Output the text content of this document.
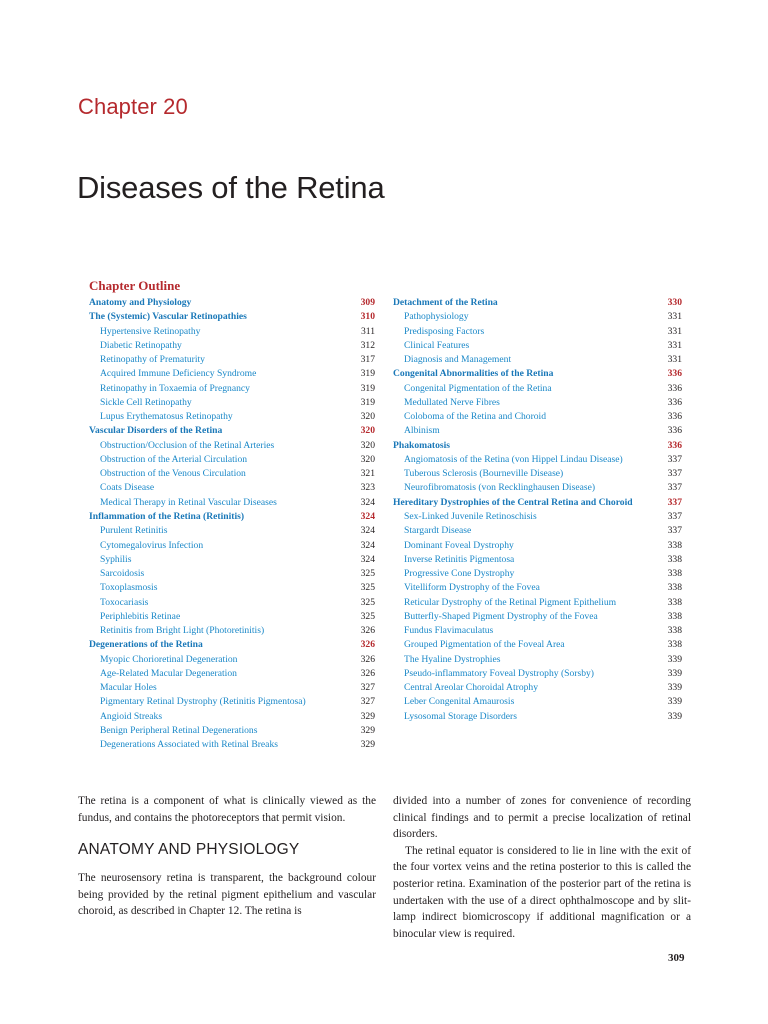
Chapter 20
Diseases of the Retina
Chapter Outline
Anatomy and Physiology	309
The (Systemic) Vascular Retinopathies	310
Hypertensive Retinopathy	311
Diabetic Retinopathy	312
Retinopathy of Prematurity	317
Acquired Immune Deficiency Syndrome	319
Retinopathy in Toxaemia of Pregnancy	319
Sickle Cell Retinopathy	319
Lupus Erythematosus Retinopathy	320
Vascular Disorders of the Retina	320
Obstruction/Occlusion of the Retinal Arteries	320
Obstruction of the Arterial Circulation	320
Obstruction of the Venous Circulation	321
Coats Disease	323
Medical Therapy in Retinal Vascular Diseases	324
Inflammation of the Retina (Retinitis)	324
Purulent Retinitis	324
Cytomegalovirus Infection	324
Syphilis	324
Sarcoidosis	325
Toxoplasmosis	325
Toxocariasis	325
Periphlebitis Retinae	325
Retinitis from Bright Light (Photoretinitis)	326
Degenerations of the Retina	326
Myopic Chorioretinal Degeneration	326
Age-Related Macular Degeneration	326
Macular Holes	327
Pigmentary Retinal Dystrophy (Retinitis Pigmentosa)	327
Angioid Streaks	329
Benign Peripheral Retinal Degenerations	329
Degenerations Associated with Retinal Breaks	329
Detachment of the Retina	330
Pathophysiology	331
Predisposing Factors	331
Clinical Features	331
Diagnosis and Management	331
Congenital Abnormalities of the Retina	336
Congenital Pigmentation of the Retina	336
Medullated Nerve Fibres	336
Coloboma of the Retina and Choroid	336
Albinism	336
Phakomatosis	336
Angiomatosis of the Retina (von Hippel Lindau Disease)	337
Tuberous Sclerosis (Bourneville Disease)	337
Neurofibromatosis (von Recklinghausen Disease)	337
Hereditary Dystrophies of the Central Retina and Choroid	337
Sex-Linked Juvenile Retinoschisis	337
Stargardt Disease	337
Dominant Foveal Dystrophy	338
Inverse Retinitis Pigmentosa	338
Progressive Cone Dystrophy	338
Vitelliform Dystrophy of the Fovea	338
Reticular Dystrophy of the Retinal Pigment Epithelium	338
Butterfly-Shaped Pigment Dystrophy of the Fovea	338
Fundus Flavimaculatus	338
Grouped Pigmentation of the Foveal Area	338
The Hyaline Dystrophies	339
Pseudo-inflammatory Foveal Dystrophy (Sorsby)	339
Central Areolar Choroidal Atrophy	339
Leber Congenital Amaurosis	339
Lysosomal Storage Disorders	339

The retina is a component of what is clinically viewed as the fundus, and contains the photoreceptors that permit vision.

ANATOMY AND PHYSIOLOGY

The neurosensory retina is transparent, the background colour being provided by the retinal pigment epithelium and vascular choroid, as described in Chapter 12. The retina is

divided into a number of zones for convenience of recording clinical findings and to permit a precise localization of retinal disorders.

The retinal equator is considered to lie in line with the exit of the four vortex veins and the retina posterior to this is called the posterior retina. Examination of the posterior part of the retina is undertaken with the use of a direct ophthalmoscope and by slit-lamp indirect biomicroscopy if additional magnification or a binocular view is required.

309
